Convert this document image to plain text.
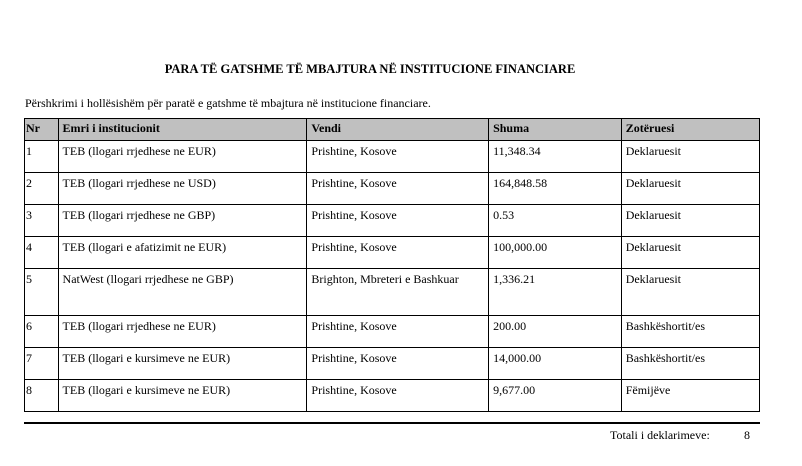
PARA TË GATSHME TË MBAJTURA NË INSTITUCIONE FINANCIARE
Përshkrimi i hollësishëm për paratë e gatshme të mbajtura në institucione financiare.
Nr	Emri i institucionit	Vendi	Shuma	Zotëruesi
1	TEB (llogari rrjedhese ne EUR)	Prishtine, Kosove	11,348.34	Deklaruesit
2	TEB (llogari rrjedhese ne USD)	Prishtine, Kosove	164,848.58	Deklaruesit
3	TEB (llogari rrjedhese ne GBP)	Prishtine, Kosove	0.53	Deklaruesit
4	TEB (llogari e afatizimit ne EUR)	Prishtine, Kosove	100,000.00	Deklaruesit
5	NatWest (llogari rrjedhese ne GBP)	Brighton, Mbreteri e Bashkuar	1,336.21	Deklaruesit
6	TEB (llogari rrjedhese ne EUR)	Prishtine, Kosove	200.00	Bashkëshortit/es
7	TEB (llogari e kursimeve ne EUR)	Prishtine, Kosove	14,000.00	Bashkëshortit/es
8	TEB (llogari e kursimeve ne EUR)	Prishtine, Kosove	9,677.00	Fëmijëve
Totali i deklarimeve:	8
